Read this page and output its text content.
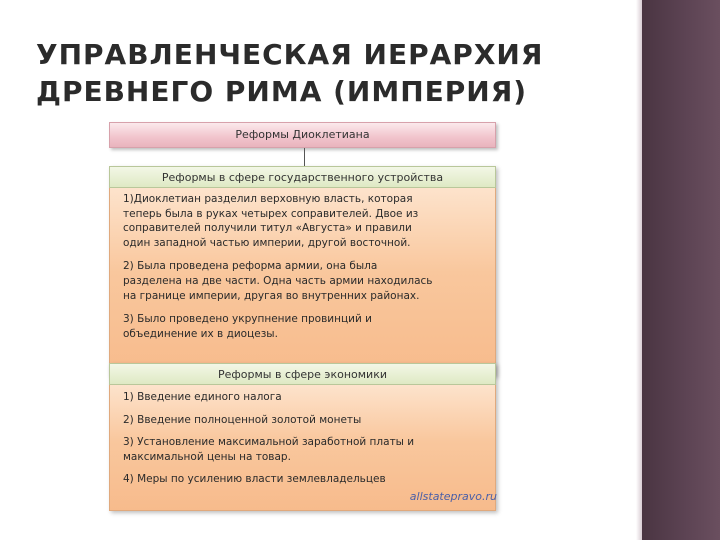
УПРАВЛЕНЧЕСКАЯ ИЕРАРХИЯ
ДРЕВНЕГО РИМА (ИМПЕРИЯ)
Реформы Диоклетиана
Реформы в сфере государственного устройства

1)Диоклетиан разделил верховную власть, которая
теперь была в руках четырех соправителей. Двое из
соправителей получили титул «Августа» и правили
один западной частью империи, другой восточной.

2) Была проведена реформа армии, она была
разделена на две части. Одна часть армии находилась
на границе империи, другая во внутренних районах.

3) Было проведено укрупнение провинций и
объединение их в диоцезы.

Реформы в сфере экономики

1) Введение единого налога

2) Введение полноценной золотой монеты

3) Установление максимальной заработной платы и
максимальной цены на товар.

4) Меры по усилению власти землевладельцев

allstatepravo.ru
